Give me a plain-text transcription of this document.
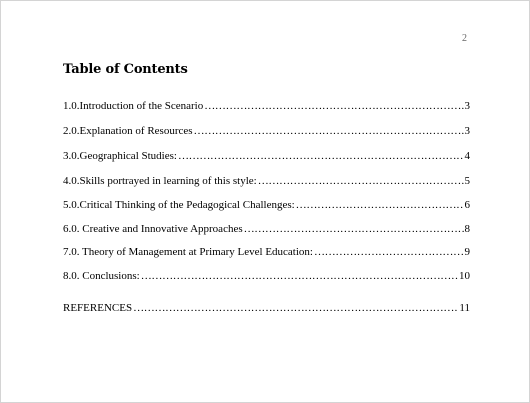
2
Table of Contents
1.0.Introduction of the Scenario ……………………………………………………………………………………………………………………………………	3
2.0.Explanation of Resources ……………………………………………………………………………………………………………………………………	3
3.0.Geographical Studies: ……………………………………………………………………………………………………………………………………	4
4.0.Skills portrayed in learning of this style: ……………………………………………………………………………………………………………………………………	5
5.0.Critical Thinking of the Pedagogical Challenges: ……………………………………………………………………………………………………………………………………	6
6.0. Creative and Innovative Approaches ……………………………………………………………………………………………………………………………………	8
7.0. Theory of Management at Primary Level Education: ……………………………………………………………………………………………………………………………………	9
8.0. Conclusions: ……………………………………………………………………………………………………………………………………	10
REFERENCES ……………………………………………………………………………………………………………………………………	11
